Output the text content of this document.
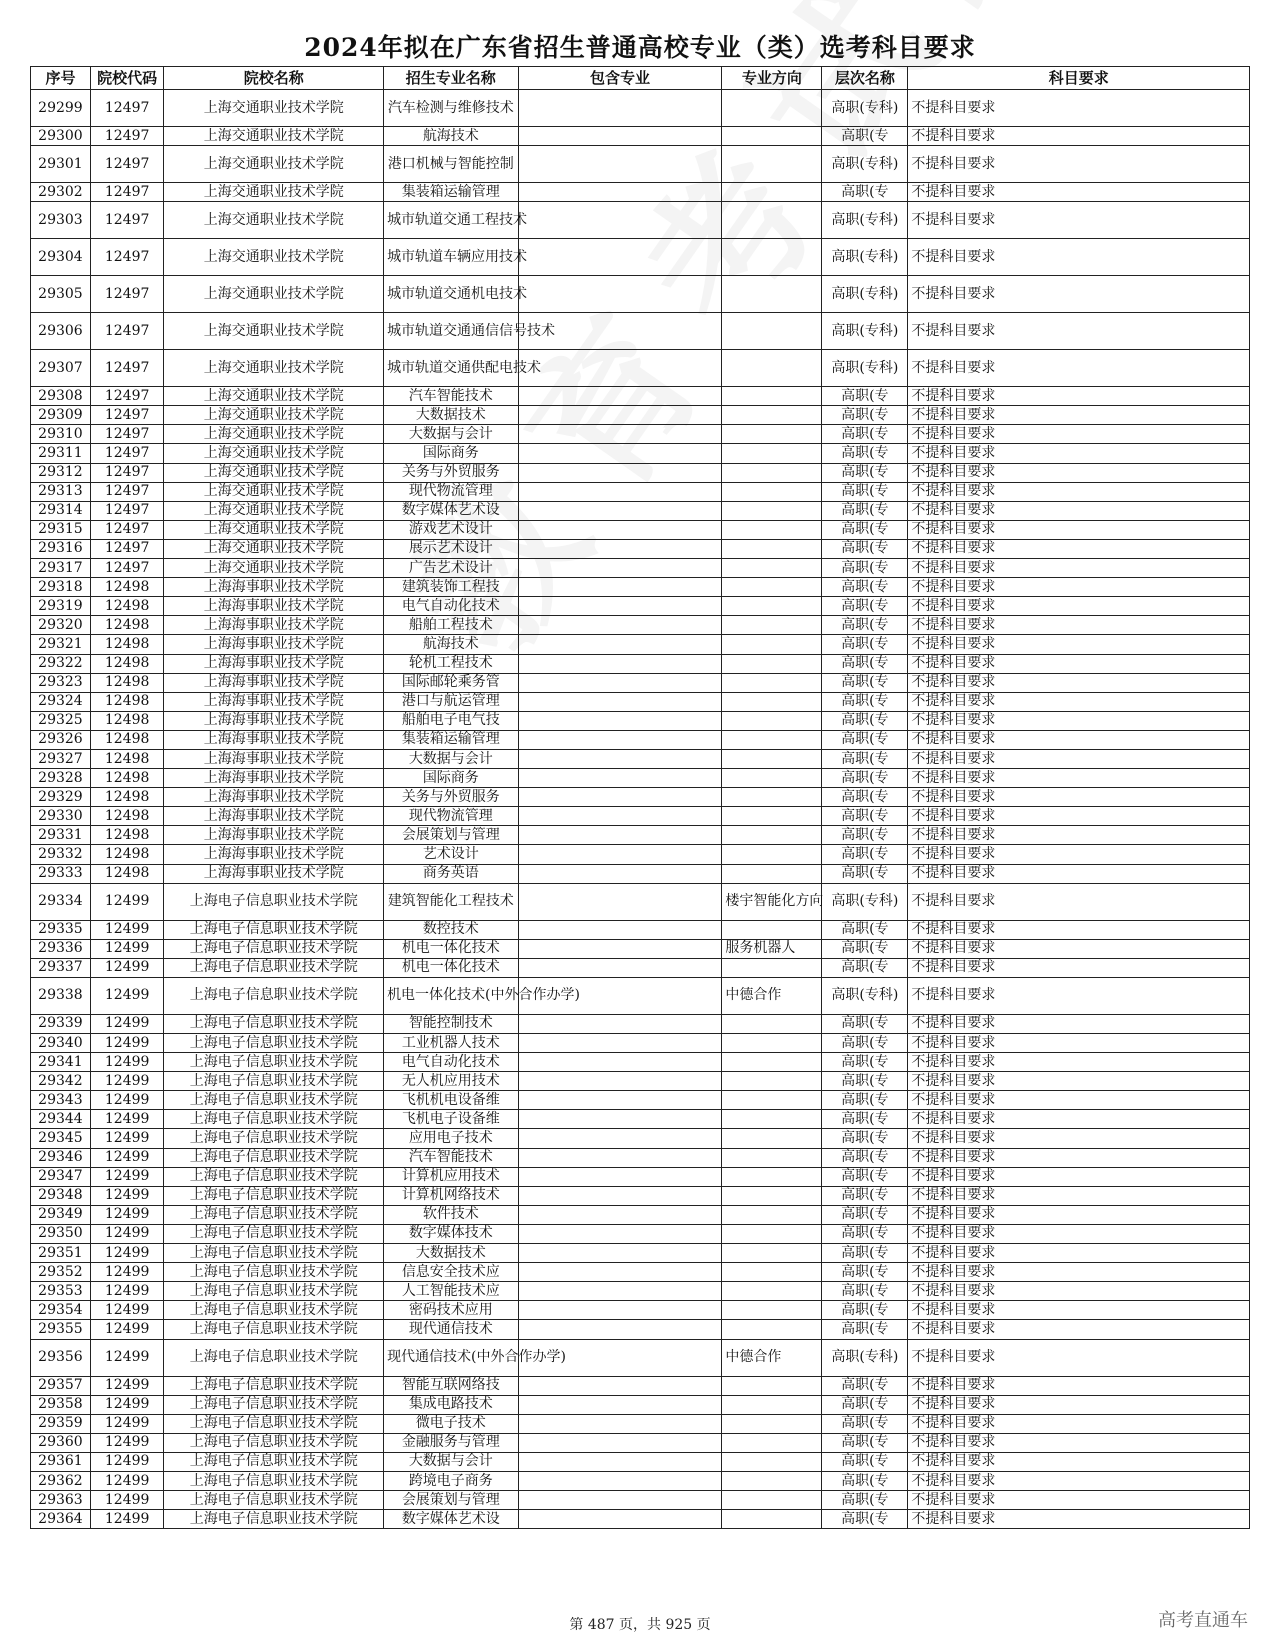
2024年拟在广东省招生普通高校专业（类）选考科目要求
序号	院校代码	院校名称	招生专业名称	包含专业	专业方向	层次名称	科目要求
29299	12497	上海交通职业技术学院	汽车检测与维修技术			高职(专科)	不提科目要求
29300	12497	上海交通职业技术学院	航海技术			高职(专	不提科目要求
29301	12497	上海交通职业技术学院	港口机械与智能控制			高职(专科)	不提科目要求
29302	12497	上海交通职业技术学院	集装箱运输管理			高职(专	不提科目要求
29303	12497	上海交通职业技术学院	城市轨道交通工程技术			高职(专科)	不提科目要求
29304	12497	上海交通职业技术学院	城市轨道车辆应用技术			高职(专科)	不提科目要求
29305	12497	上海交通职业技术学院	城市轨道交通机电技术			高职(专科)	不提科目要求
29306	12497	上海交通职业技术学院	城市轨道交通通信信号技术			高职(专科)	不提科目要求
29307	12497	上海交通职业技术学院	城市轨道交通供配电技术			高职(专科)	不提科目要求
29308	12497	上海交通职业技术学院	汽车智能技术			高职(专	不提科目要求
29309	12497	上海交通职业技术学院	大数据技术			高职(专	不提科目要求
29310	12497	上海交通职业技术学院	大数据与会计			高职(专	不提科目要求
29311	12497	上海交通职业技术学院	国际商务			高职(专	不提科目要求
29312	12497	上海交通职业技术学院	关务与外贸服务			高职(专	不提科目要求
29313	12497	上海交通职业技术学院	现代物流管理			高职(专	不提科目要求
29314	12497	上海交通职业技术学院	数字媒体艺术设			高职(专	不提科目要求
29315	12497	上海交通职业技术学院	游戏艺术设计			高职(专	不提科目要求
29316	12497	上海交通职业技术学院	展示艺术设计			高职(专	不提科目要求
29317	12497	上海交通职业技术学院	广告艺术设计			高职(专	不提科目要求
29318	12498	上海海事职业技术学院	建筑装饰工程技			高职(专	不提科目要求
29319	12498	上海海事职业技术学院	电气自动化技术			高职(专	不提科目要求
29320	12498	上海海事职业技术学院	船舶工程技术			高职(专	不提科目要求
29321	12498	上海海事职业技术学院	航海技术			高职(专	不提科目要求
29322	12498	上海海事职业技术学院	轮机工程技术			高职(专	不提科目要求
29323	12498	上海海事职业技术学院	国际邮轮乘务管			高职(专	不提科目要求
29324	12498	上海海事职业技术学院	港口与航运管理			高职(专	不提科目要求
29325	12498	上海海事职业技术学院	船舶电子电气技			高职(专	不提科目要求
29326	12498	上海海事职业技术学院	集装箱运输管理			高职(专	不提科目要求
29327	12498	上海海事职业技术学院	大数据与会计			高职(专	不提科目要求
29328	12498	上海海事职业技术学院	国际商务			高职(专	不提科目要求
29329	12498	上海海事职业技术学院	关务与外贸服务			高职(专	不提科目要求
29330	12498	上海海事职业技术学院	现代物流管理			高职(专	不提科目要求
29331	12498	上海海事职业技术学院	会展策划与管理			高职(专	不提科目要求
29332	12498	上海海事职业技术学院	艺术设计			高职(专	不提科目要求
29333	12498	上海海事职业技术学院	商务英语			高职(专	不提科目要求
29334	12499	上海电子信息职业技术学院	建筑智能化工程技术		楼宇智能化方向	高职(专科)	不提科目要求
29335	12499	上海电子信息职业技术学院	数控技术			高职(专	不提科目要求
29336	12499	上海电子信息职业技术学院	机电一体化技术		服务机器人	高职(专	不提科目要求
29337	12499	上海电子信息职业技术学院	机电一体化技术			高职(专	不提科目要求
29338	12499	上海电子信息职业技术学院	机电一体化技术(中外合作办学)		中德合作	高职(专科)	不提科目要求
29339	12499	上海电子信息职业技术学院	智能控制技术			高职(专	不提科目要求
29340	12499	上海电子信息职业技术学院	工业机器人技术			高职(专	不提科目要求
29341	12499	上海电子信息职业技术学院	电气自动化技术			高职(专	不提科目要求
29342	12499	上海电子信息职业技术学院	无人机应用技术			高职(专	不提科目要求
29343	12499	上海电子信息职业技术学院	飞机机电设备维			高职(专	不提科目要求
29344	12499	上海电子信息职业技术学院	飞机电子设备维			高职(专	不提科目要求
29345	12499	上海电子信息职业技术学院	应用电子技术			高职(专	不提科目要求
29346	12499	上海电子信息职业技术学院	汽车智能技术			高职(专	不提科目要求
29347	12499	上海电子信息职业技术学院	计算机应用技术			高职(专	不提科目要求
29348	12499	上海电子信息职业技术学院	计算机网络技术			高职(专	不提科目要求
29349	12499	上海电子信息职业技术学院	软件技术			高职(专	不提科目要求
29350	12499	上海电子信息职业技术学院	数字媒体技术			高职(专	不提科目要求
29351	12499	上海电子信息职业技术学院	大数据技术			高职(专	不提科目要求
29352	12499	上海电子信息职业技术学院	信息安全技术应			高职(专	不提科目要求
29353	12499	上海电子信息职业技术学院	人工智能技术应			高职(专	不提科目要求
29354	12499	上海电子信息职业技术学院	密码技术应用			高职(专	不提科目要求
29355	12499	上海电子信息职业技术学院	现代通信技术			高职(专	不提科目要求
29356	12499	上海电子信息职业技术学院	现代通信技术(中外合作办学)		中德合作	高职(专科)	不提科目要求
29357	12499	上海电子信息职业技术学院	智能互联网络技			高职(专	不提科目要求
29358	12499	上海电子信息职业技术学院	集成电路技术			高职(专	不提科目要求
29359	12499	上海电子信息职业技术学院	微电子技术			高职(专	不提科目要求
29360	12499	上海电子信息职业技术学院	金融服务与管理			高职(专	不提科目要求
29361	12499	上海电子信息职业技术学院	大数据与会计			高职(专	不提科目要求
29362	12499	上海电子信息职业技术学院	跨境电子商务			高职(专	不提科目要求
29363	12499	上海电子信息职业技术学院	会展策划与管理			高职(专	不提科目要求
29364	12499	上海电子信息职业技术学院	数字媒体艺术设			高职(专	不提科目要求
第 487 页，共 925 页	高考直通车
